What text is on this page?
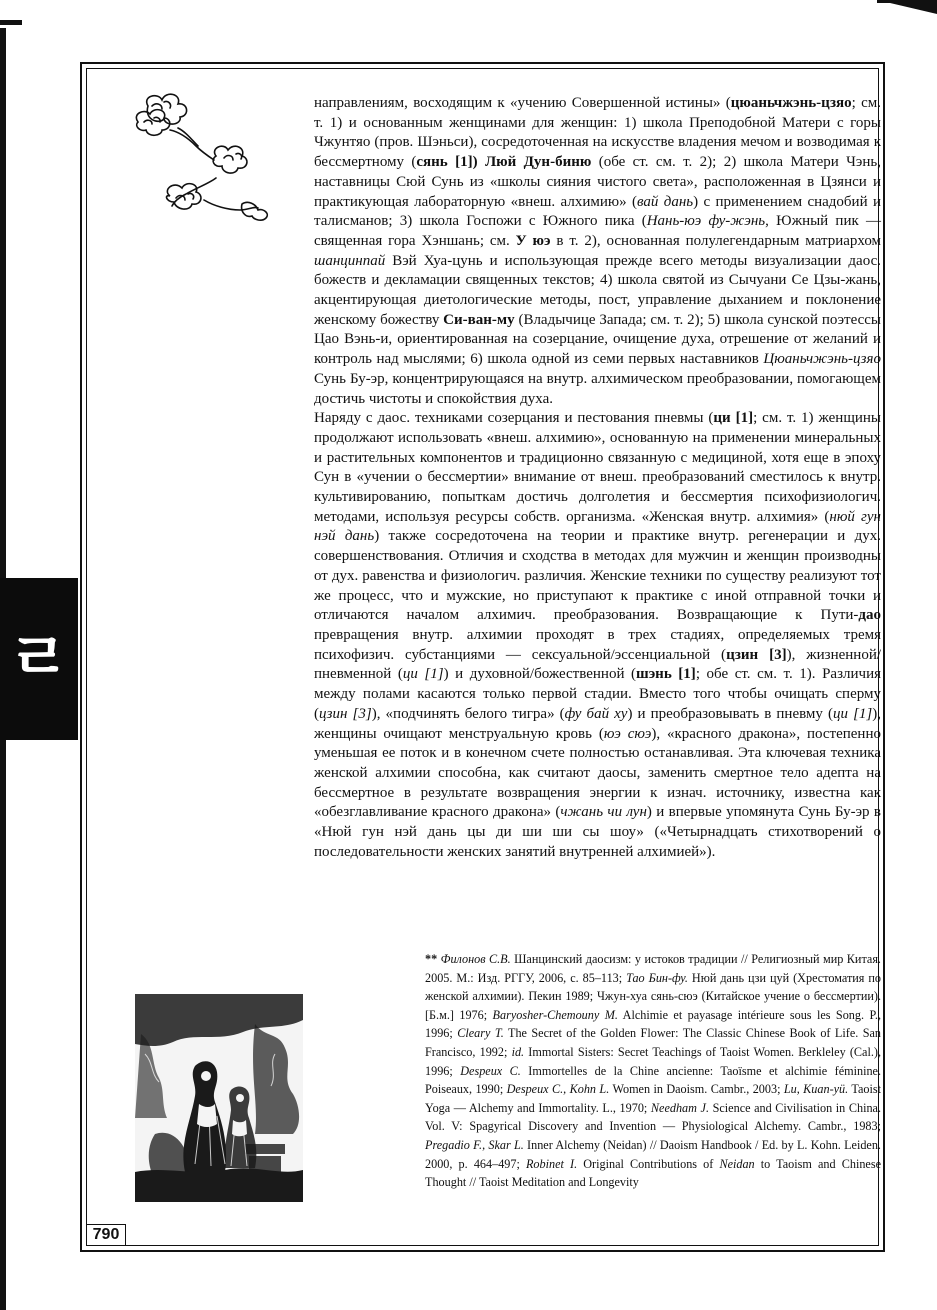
ㄹ
790

направлениям, восходящим к «учению Совершенной истины» (цюаньчжэнь-цзяо; см. т. 1) и основанным женщинами для женщин: 1) школа Преподобной Матери с горы Чжунтяо (пров. Шэньси), сосредоточенная на искусстве владения мечом и возводимая к бессмертному (сянь [1]) Люй Дун-биню (обе ст. см. т. 2); 2) школа Матери Чэнь, наставницы Сюй Сунь из «школы сияния чистого света», расположенная в Цзянси и практикующая лабораторную «внеш. алхимию» (вай дань) с применением снадобий и талисманов; 3) школа Госпожи с Южного пика (Нань-юэ фу-жэнь, Южный пик — священная гора Хэншань; см. У юэ в т. 2), основанная полулегендарным матриархом шанцинпай Вэй Хуа-цунь и использующая прежде всего методы визуализации даос. божеств и декламации священных текстов; 4) школа святой из Сычуани Се Цзы-жань, акцентирующая диетологические методы, пост, управление дыханием и поклонение женскому божеству Си-ван-му (Владычице Запада; см. т. 2); 5) школа сунской поэтессы Цао Вэнь-и, ориентированная на созерцание, очищение духа, отрешение от желаний и контроль над мыслями; 6) школа одной из семи первых наставников Цюаньчжэнь-цзяо Сунь Бу-эр, концентрирующаяся на внутр. алхимическом преобразовании, помогающем достичь чистоты и спокойствия духа.

Наряду с даос. техниками созерцания и пестования пневмы (ци [1]; см. т. 1) женщины продолжают использовать «внеш. алхимию», основанную на применении минеральных и растительных компонентов и традиционно связанную с медициной, хотя еще в эпоху Сун в «учении о бессмертии» внимание от внеш. преобразований сместилось к внутр. культивированию, попыткам достичь долголетия и бессмертия психофизиологич. методами, используя ресурсы собств. организма. «Женская внутр. алхимия» (нюй гун нэй дань) также сосредоточена на теории и практике внутр. регенерации и дух. совершенствования. Отличия и сходства в методах для мужчин и женщин производны от дух. равенства и физиологич. различия. Женские техники по существу реализуют тот же процесс, что и мужские, но приступают к практике с иной отправной точки и отличаются началом алхимич. преобразования. Возвращающие к Пути-дао превращения внутр. алхимии проходят в трех стадиях, определяемых тремя психофизич. субстанциями — сексуальной/эссенциальной (цзин [3]), жизненной/пневменной (ци [1]) и духовной/божественной (шэнь [1]; обе ст. см. т. 1). Различия между полами касаются только первой стадии. Вместо того чтобы очищать сперму (цзин [3]), «подчинять белого тигра» (фу бай ху) и преобразовывать в пневму (ци [1]), женщины очищают менструальную кровь (юэ сюэ), «красного дракона», постепенно уменьшая ее поток и в конечном счете полностью останавливая. Эта ключевая техника женской алхимии способна, как считают даосы, заменить смертное тело адепта на бессмертное в результате возвращения энергии к изнач. источнику, известна как «обезглавливание красного дракона» (чжань чи лун) и впервые упомянута Сунь Бу-эр в «Нюй гун нэй дань цы ди ши ши сы шоу» («Четырнадцать стихотворений о последовательности женских занятий внутренней алхимией»).

** Филонов С.В. Шанцинский даосизм: у истоков традиции // Религиозный мир Китая. 2005. М.: Изд. РГГУ, 2006, с. 85–113; Тао Бин-фу. Нюй дань цзи цуй (Хрестоматия по женской алхимии). Пекин 1989; Чжун-хуа сянь-сюэ (Китайское учение о бессмертии). [Б.м.] 1976; Baryosher-Chemouny M. Alchimie et payasage intérieure sous les Song. P., 1996; Cleary T. The Secret of the Golden Flower: The Classic Chinese Book of Life. San Francisco, 1992; id. Immortal Sisters: Secret Teachings of Taoist Women. Berkleley (Cal.), 1996; Despeux C. Immortelles de la Chine ancienne: Taoïsme et alchimie féminine. Poiseaux, 1990; Despeux C., Kohn L. Women in Daoism. Cambr., 2003; Lu, Kuan-yü. Taoist Yoga — Alchemy and Immortality. L., 1970; Needham J. Science and Civilisation in China. Vol. V: Spagyrical Discovery and Invention — Physiological Alchemy. Cambr., 1983; Pregadio F., Skar L. Inner Alchemy (Neidan) // Daoism Handbook / Ed. by L. Kohn. Leiden. 2000, p. 464–497; Robinet I. Original Contributions of Neidan to Taoism and Chinese Thought // Taoist Meditation and Longevity
